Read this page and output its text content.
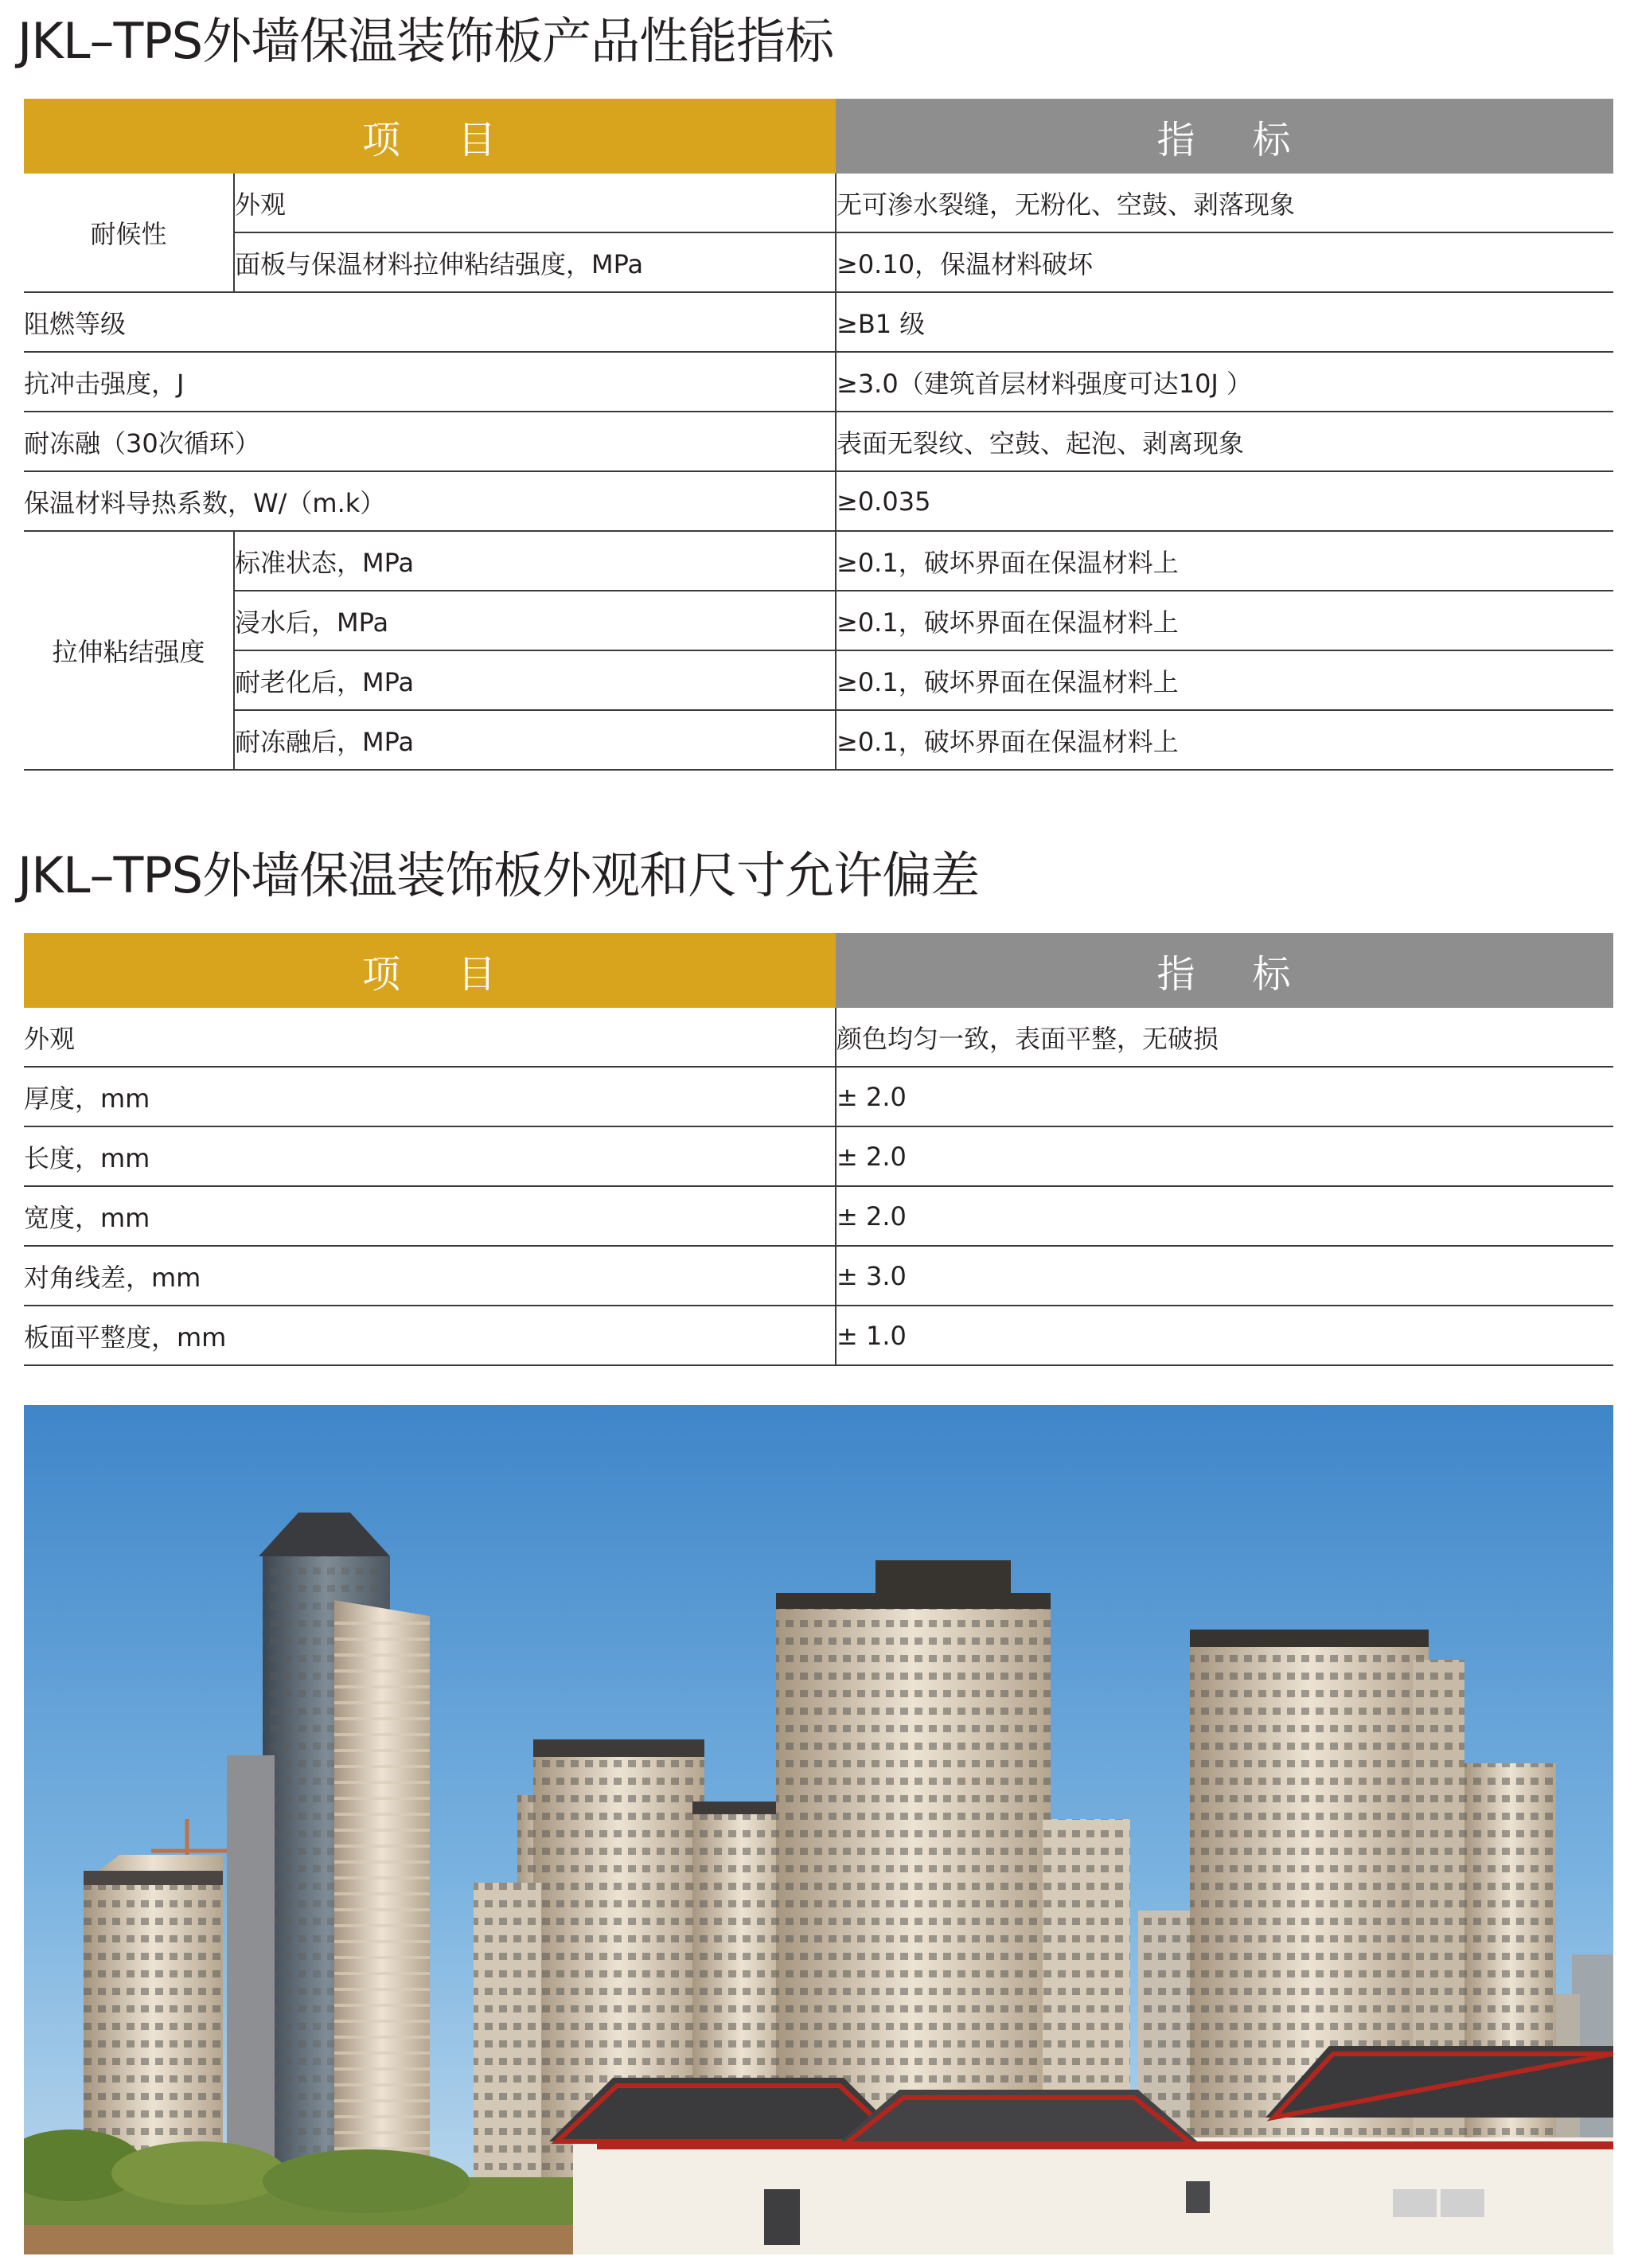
JKL–TPS外墙保温装饰板产品性能指标
项 目		指 标
耐候性	外观	无可渗水裂缝，无粉化、空鼓、剥落现象
	面板与保温材料拉伸粘结强度，MPa	≥0.10，保温材料破坏
阻燃等级		≥B1 级
抗冲击强度，J		≥3.0（建筑首层材料强度可达10J ）
耐冻融（30次循环）		表面无裂纹、空鼓、起泡、剥离现象
保温材料导热系数，W/（m.k）		≥0.035
拉伸粘结强度	标准状态，MPa	≥0.1，破坏界面在保温材料上
	浸水后，MPa	≥0.1，破坏界面在保温材料上
	耐老化后，MPa	≥0.1，破坏界面在保温材料上
	耐冻融后，MPa	≥0.1，破坏界面在保温材料上
JKL–TPS外墙保温装饰板外观和尺寸允许偏差
项 目	指 标
外观	颜色均匀一致，表面平整，无破损
厚度，mm	± 2.0
长度，mm	± 2.0
宽度，mm	± 2.0
对角线差，mm	± 3.0
板面平整度，mm	± 1.0
